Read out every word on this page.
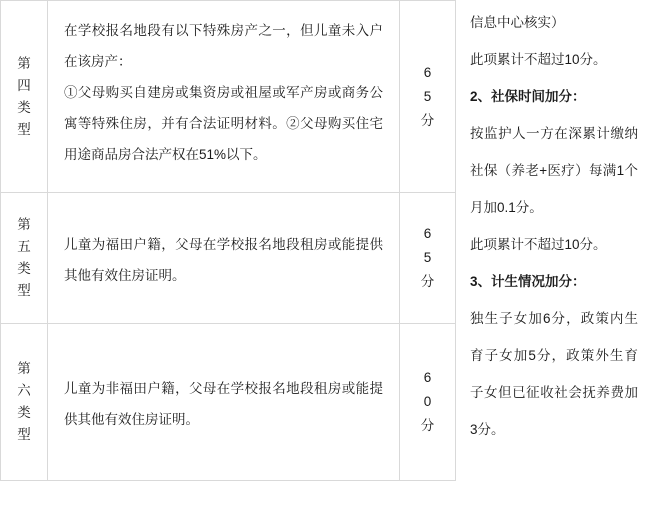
第四类型

在学校报名地段有以下特殊房产之一，但儿童未入户在该房产：

①父母购买自建房或集资房或祖屋或军产房或商务公寓等特殊住房，并有合法证明材料。②父母购买住宅用途商品房合法产权在51%以下。

65分
第五类型

儿童为福田户籍，父母在学校报名地段租房或能提供其他有效住房证明。

65分
第六类型

儿童为非福田户籍，父母在学校报名地段租房或能提供其他有效住房证明。

60分

信息中心核实）

此项累计不超过10分。

2、社保时间加分：

按监护人一方在深累计缴纳社保（养老+医疗）每满1个月加0.1分。

此项累计不超过10分。

3、计生情况加分：

独生子女加6分，政策内生育子女加5分，政策外生育子女但已征收社会抚养费加3分。
